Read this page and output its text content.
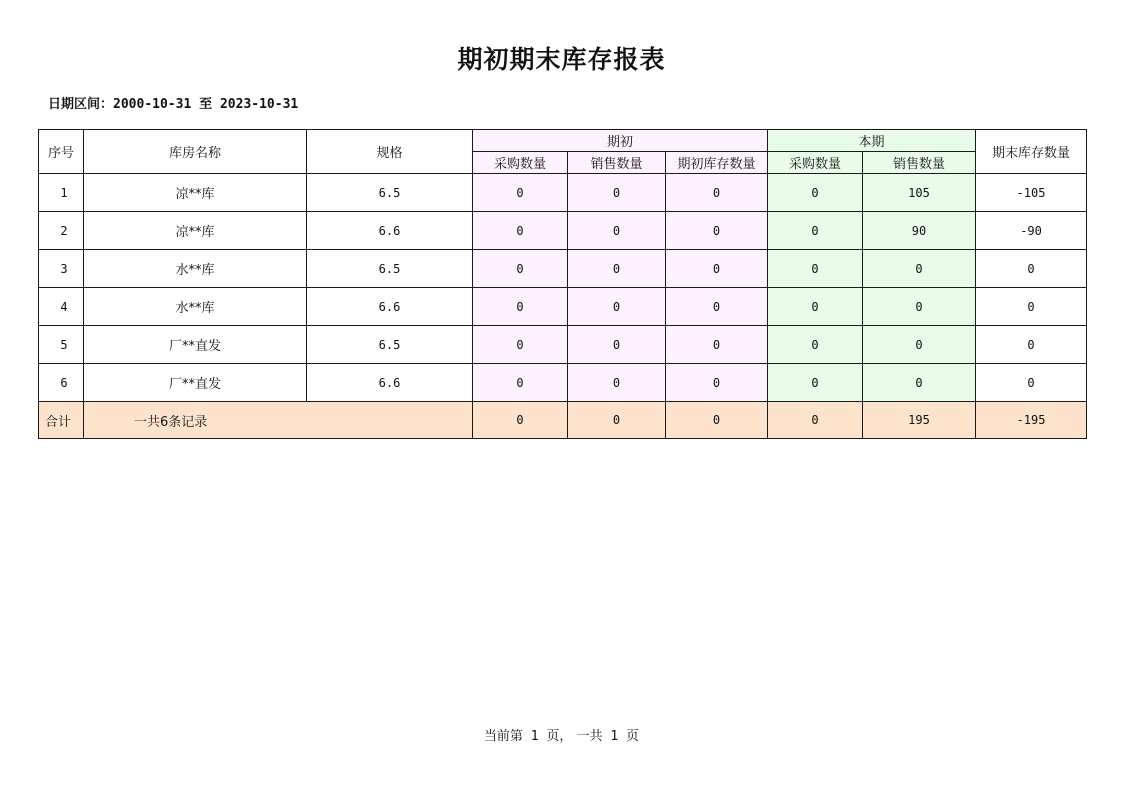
期初期末库存报表
日期区间：2000-10-31 至 2023-10-31
序号	库房名称	规格	期初			本期		期末库存数量
			采购数量	销售数量	期初库存数量	采购数量	销售数量	
1	凉**库	6.5	0	0	0	0	105	-105
2	凉**库	6.6	0	0	0	0	90	-90
3	水**库	6.5	0	0	0	0	0	0
4	水**库	6.6	0	0	0	0	0	0
5	厂**直发	6.5	0	0	0	0	0	0
6	厂**直发	6.6	0	0	0	0	0	0
合计	一共6条记录		0	0	0	0	195	-195
当前第 1 页， 一共 1 页
